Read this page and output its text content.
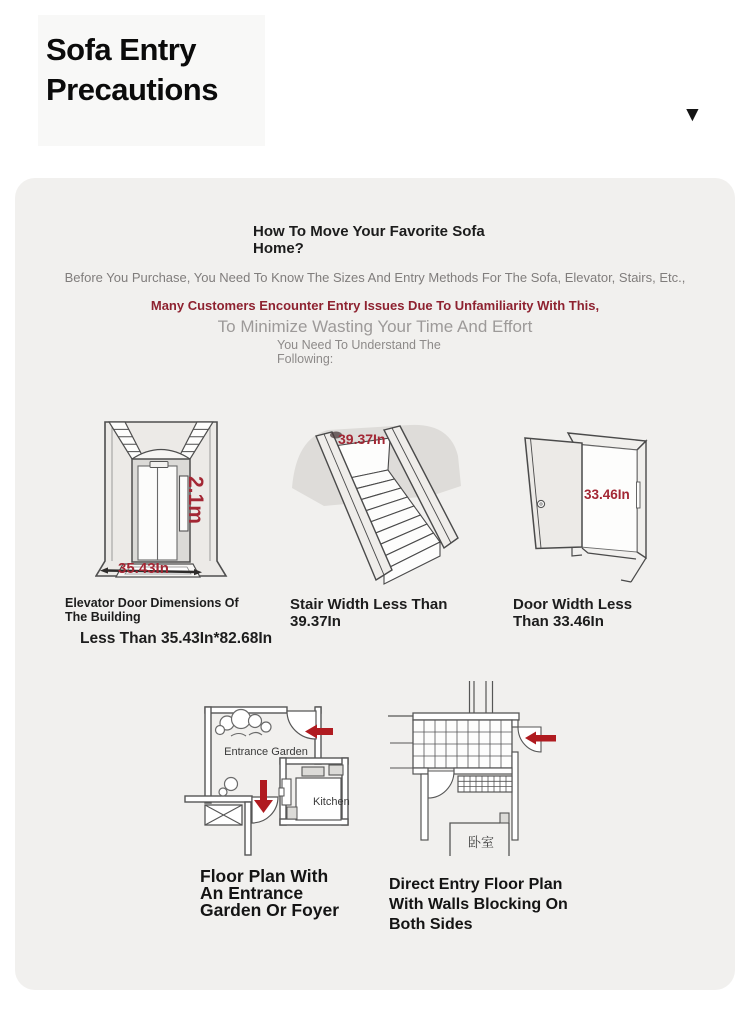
Sofa Entry Precautions
▼
How To Move Your Favorite Sofa Home?
Before You Purchase, You Need To Know The Sizes And Entry Methods For The Sofa, Elevator, Stairs, Etc.,
Many Customers Encounter Entry Issues Due To Unfamiliarity With This,
To Minimize Wasting Your Time And Effort
You Need To Understand The Following:
35.43In
2.1m
39.37In
33.46In
Elevator Door Dimensions Of The Building
Less Than 35.43In*82.68In
Stair Width Less Than 39.37In
Door Width Less Than 33.46In
Entrance Garden
Kitchen
卧室
Floor Plan With An Entrance Garden Or Foyer
Direct Entry Floor Plan With Walls Blocking On Both Sides
